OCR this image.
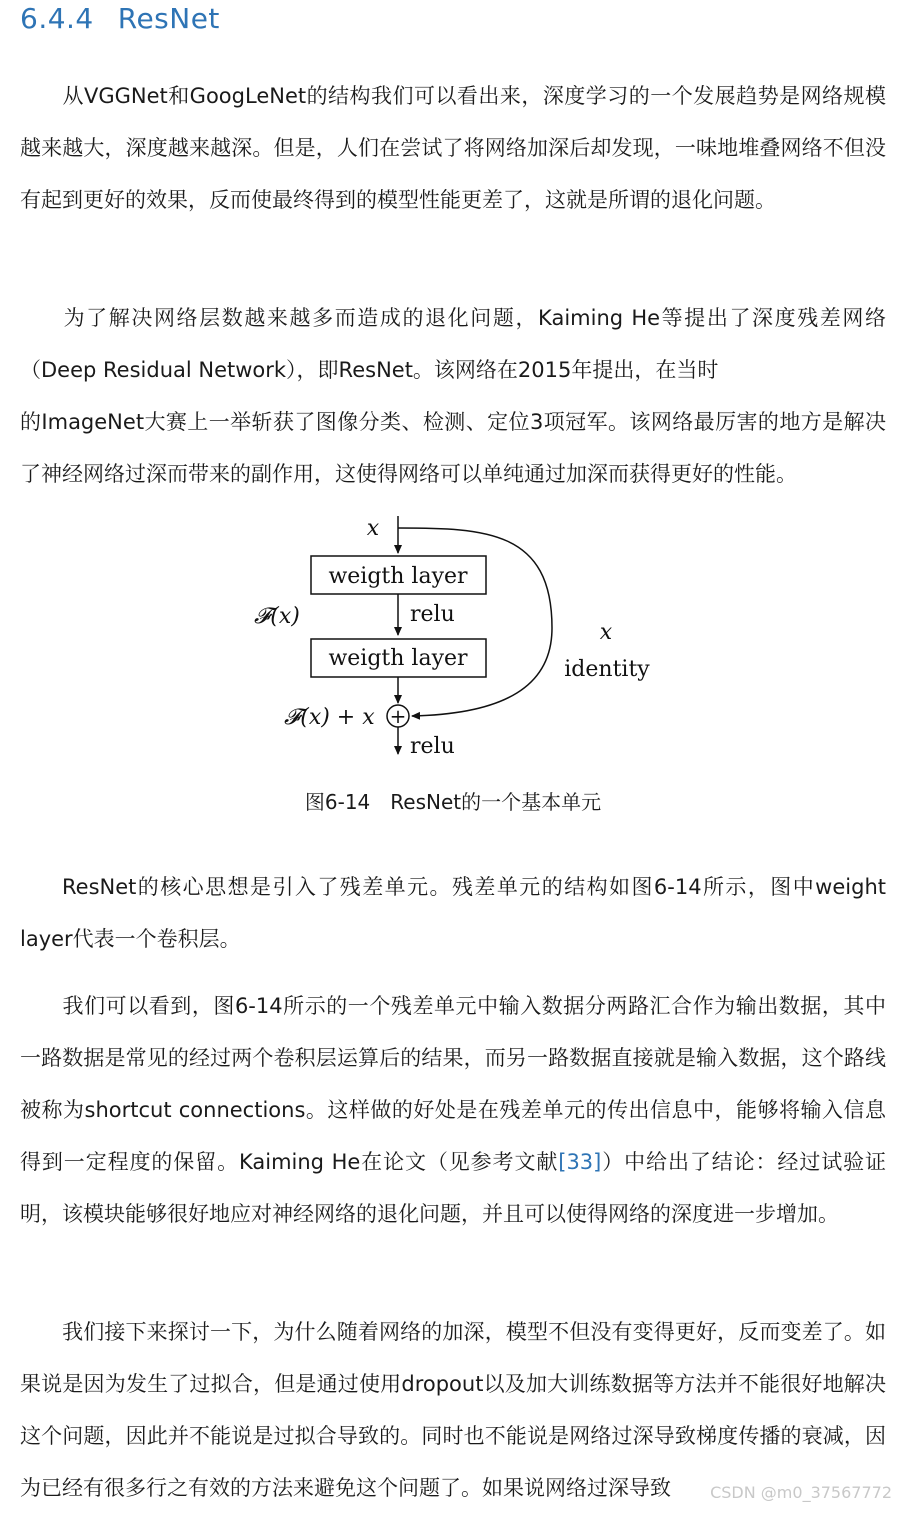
6.4.4 ResNet

从VGGNet和GoogLeNet的结构我们可以看出来，深度学习的一个发展趋势是网络规模越来越大，深度越来越深。但是，人们在尝试了将网络加深后却发现，一味地堆叠网络不但没有起到更好的效果，反而使最终得到的模型性能更差了，这就是所谓的退化问题。

为了解决网络层数越来越多而造成的退化问题，Kaiming He等提出了深度残差网络（Deep Residual Network），即ResNet。该网络在2015年提出，在当时

的ImageNet大赛上一举斩获了图像分类、检测、定位3项冠军。该网络最厉害的地方是解决了神经网络过深而带来的副作用，这使得网络可以单纯通过加深而获得更好的性能。

x
weigth layer
relu
𝓕(x)
weigth layer
+
𝓕(x) + x
x
identity
relu
图6-14 ResNet的一个基本单元

ResNet的核心思想是引入了残差单元。残差单元的结构如图6-14所示，图中weight layer代表一个卷积层。

我们可以看到，图6-14所示的一个残差单元中输入数据分两路汇合作为输出数据，其中一路数据是常见的经过两个卷积层运算后的结果，而另一路数据直接就是输入数据，这个路线被称为shortcut connections。这样做的好处是在残差单元的传出信息中，能够将输入信息得到一定程度的保留。Kaiming He在论文（见参考文献[33]）中给出了结论：经过试验证明，该模块能够很好地应对神经网络的退化问题，并且可以使得网络的深度进一步增加。

我们接下来探讨一下，为什么随着网络的加深，模型不但没有变得更好，反而变差了。如果说是因为发生了过拟合，但是通过使用dropout以及加大训练数据等方法并不能很好地解决这个问题，因此并不能说是过拟合导致的。同时也不能说是网络过深导致梯度传播的衰减，因为已经有很多行之有效的方法来避免这个问题了。如果说网络过深导致	CSDN @m0_37567772
